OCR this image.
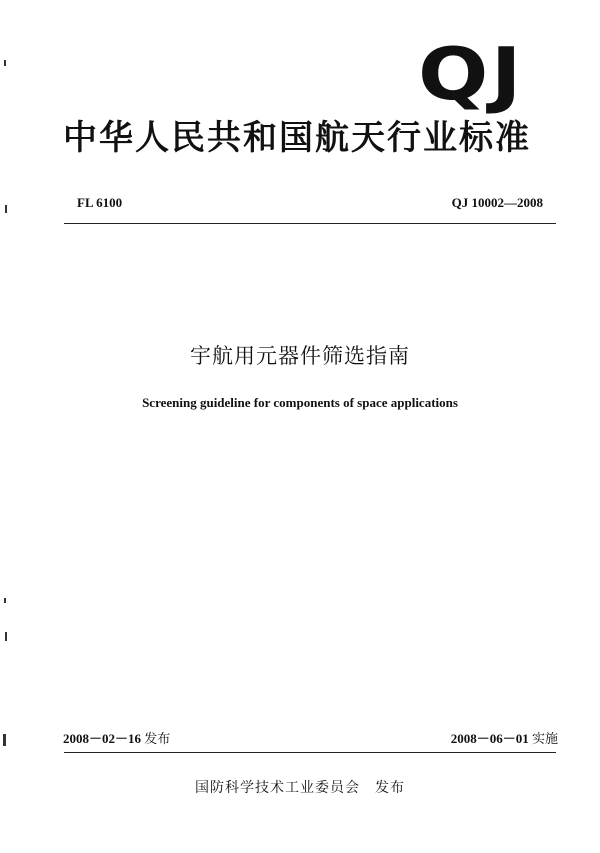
QJ
中华人民共和国航天行业标准
FL 6100	QJ 10002—2008
宇航用元器件筛选指南
Screening guideline for components of space applications
2008－02－16 发布	2008－06－01 实施
国防科学技术工业委员会　发布
